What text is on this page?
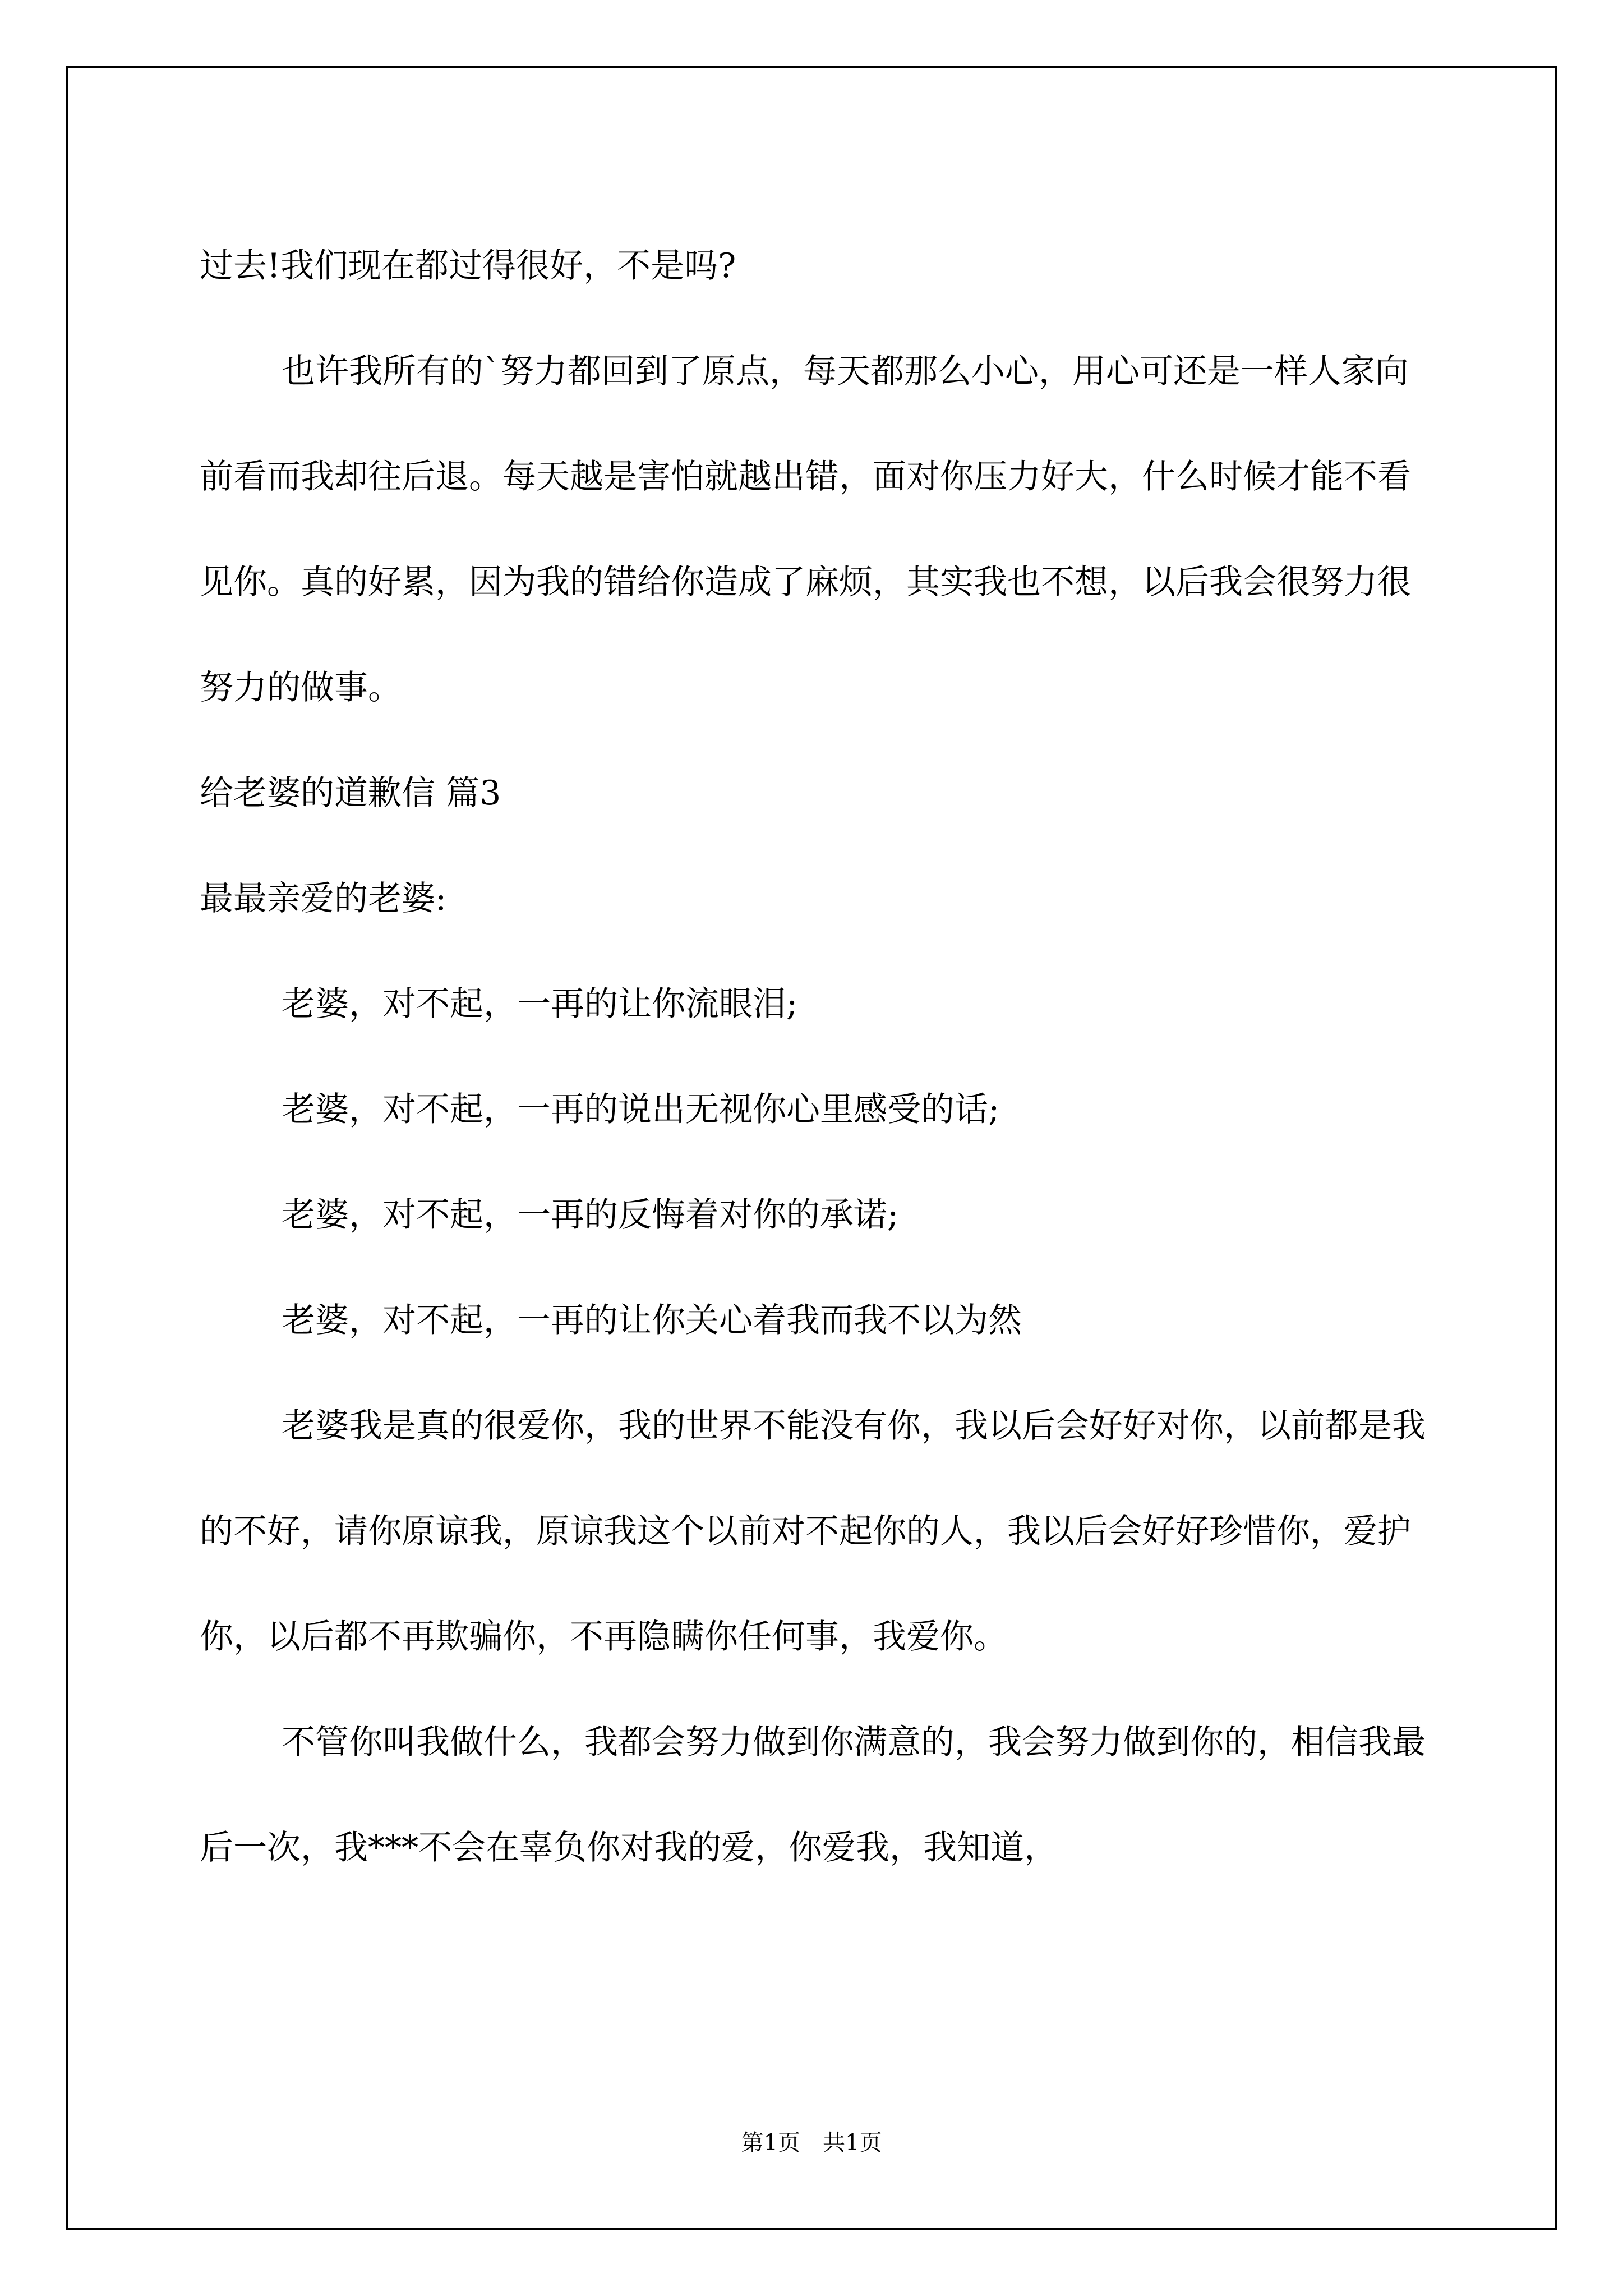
过去!我们现在都过得很好，不是吗?

也许我所有的`努力都回到了原点，每天都那么小心，用心可还是一样人家向前看而我却往后退。每天越是害怕就越出错，面对你压力好大，什么时候才能不看见你。真的好累，因为我的错给你造成了麻烦，其实我也不想，以后我会很努力很努力的做事。

给老婆的道歉信 篇3

最最亲爱的老婆:

老婆，对不起，一再的让你流眼泪;

老婆，对不起，一再的说出无视你心里感受的话;

老婆，对不起，一再的反悔着对你的承诺;

老婆，对不起，一再的让你关心着我而我不以为然

老婆我是真的很爱你，我的世界不能没有你，我以后会好好对你，以前都是我的不好，请你原谅我，原谅我这个以前对不起你的人，我以后会好好珍惜你，爱护你，以后都不再欺骗你，不再隐瞒你任何事，我爱你。

不管你叫我做什么，我都会努力做到你满意的，我会努力做到你的，相信我最后一次，我***不会在辜负你对我的爱，你爱我，我知道，

第1页　共1页
